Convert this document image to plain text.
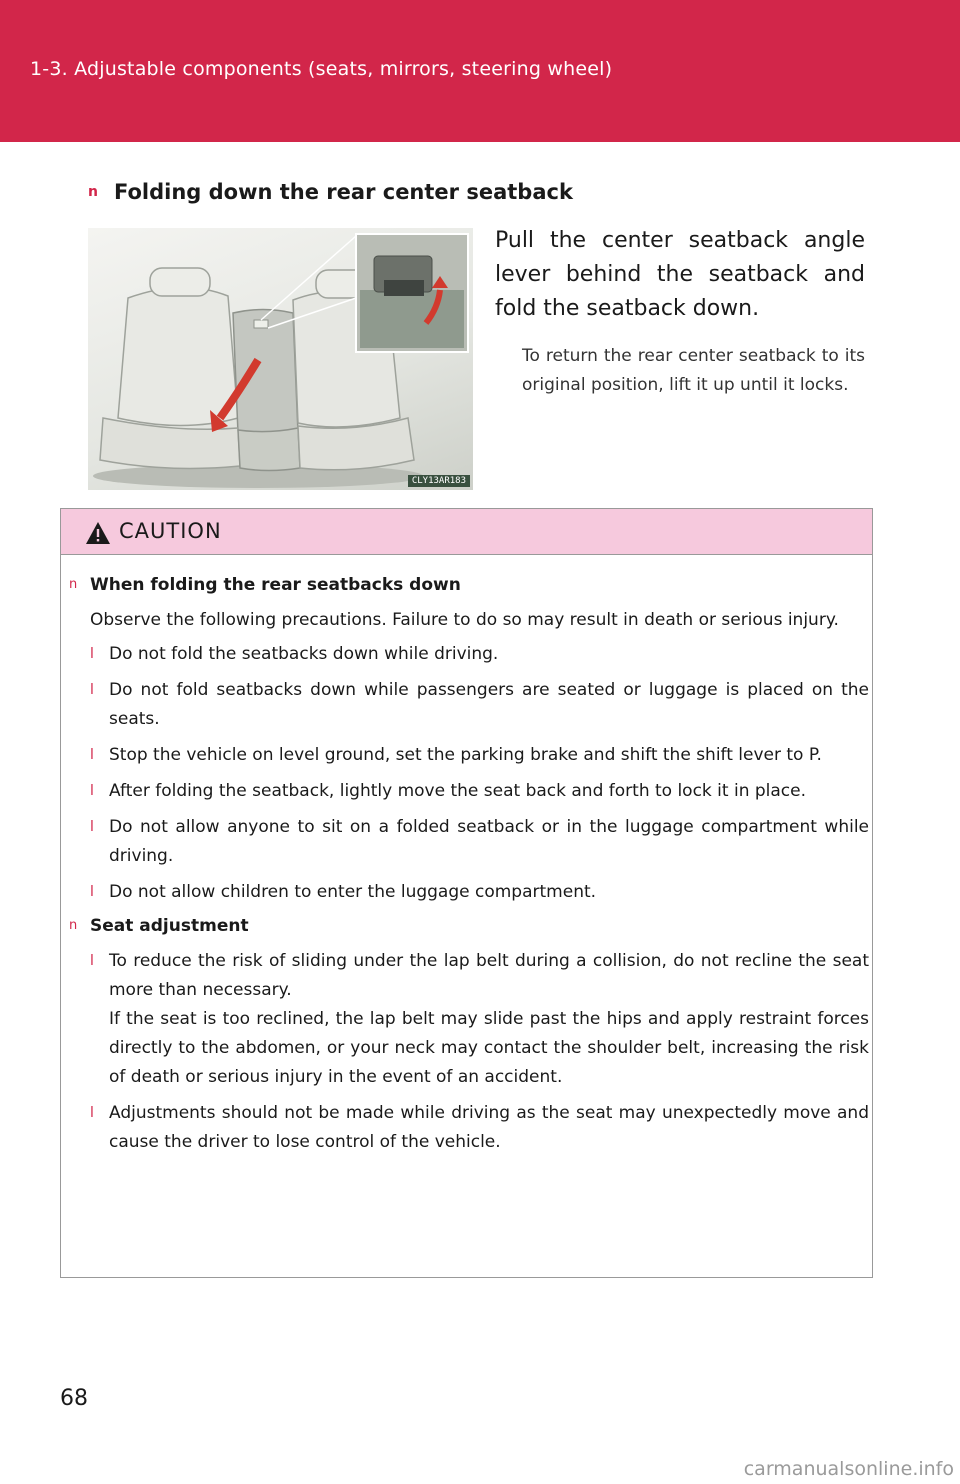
1-3. Adjustable components (seats, mirrors, steering wheel)
n Folding down the rear center seatback
CLY13AR183
Pull the center seatback angle lever behind the seatback and fold the seatback down.
To return the rear center seatback to its original position, lift it up until it locks.
CAUTION
n When folding the rear seatbacks down

Observe the following precautions. Failure to do so may result in death or serious injury.

l Do not fold the seatbacks down while driving.
l Do not fold seatbacks down while passengers are seated or luggage is placed on the seats.
l Stop the vehicle on level ground, set the parking brake and shift the shift lever to P.
l After folding the seatback, lightly move the seat back and forth to lock it in place.
l Do not allow anyone to sit on a folded seatback or in the luggage compartment while driving.
l Do not allow children to enter the luggage compartment.
n Seat adjustment
l To reduce the risk of sliding under the lap belt during a collision, do not recline the seat more than necessary.

If the seat is too reclined, the lap belt may slide past the hips and apply restraint forces directly to the abdomen, or your neck may contact the shoulder belt, increasing the risk of death or serious injury in the event of an accident.

l Adjustments should not be made while driving as the seat may unexpectedly move and cause the driver to lose control of the vehicle.
68
carmanualsonline.info
